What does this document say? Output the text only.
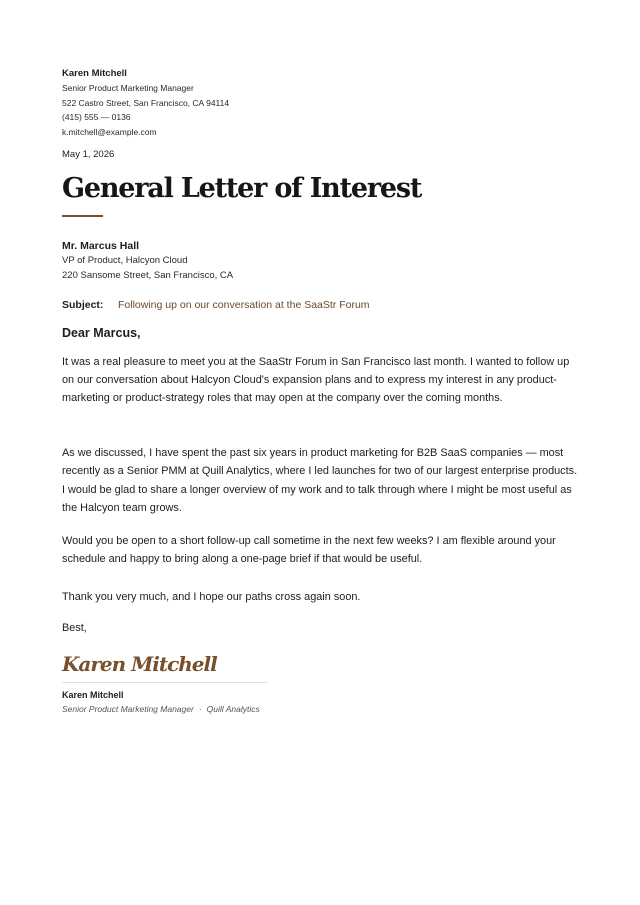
Karen Mitchell
Senior Product Marketing Manager
522 Castro Street, San Francisco, CA 94114
(415) 555 — 0136
k.mitchell@example.com
May 1, 2026
General Letter of Interest
Mr. Marcus Hall
VP of Product, Halcyon Cloud
220 Sansome Street, San Francisco, CA
Subject: Following up on our conversation at the SaaStr Forum
Dear Marcus,

It was a real pleasure to meet you at the SaaStr Forum in San Francisco last month. I wanted to follow up on our conversation about Halcyon Cloud's expansion plans and to express my interest in any product-marketing or product-strategy roles that may open at the company over the coming months.

As we discussed, I have spent the past six years in product marketing for B2B SaaS companies — most recently as a Senior PMM at Quill Analytics, where I led launches for two of our largest enterprise products. I would be glad to share a longer overview of my work and to talk through where I might be most useful as the Halcyon team grows.

Would you be open to a short follow-up call sometime in the next few weeks? I am flexible around your schedule and happy to bring along a one-page brief if that would be useful.

Thank you very much, and I hope our paths cross again soon.

Best,
Karen Mitchell
Karen Mitchell
Senior Product Marketing Manager · Quill Analytics
